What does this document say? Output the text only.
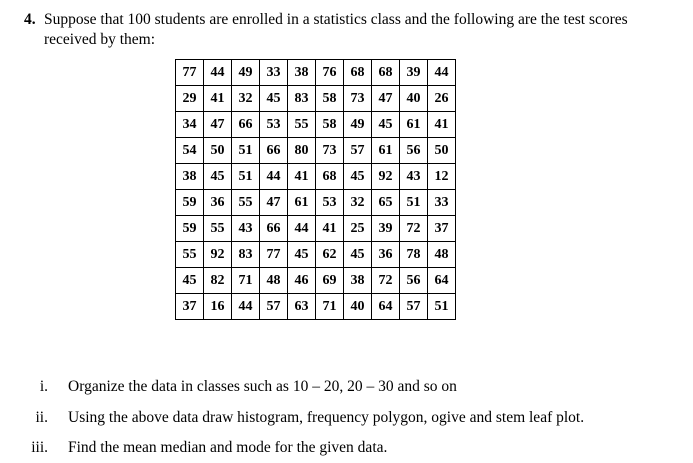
4. Suppose that 100 students are enrolled in a statistics class and the following are the test scores received by them:
77	44	49	33	38	76	68	68	39	44
29	41	32	45	83	58	73	47	40	26
34	47	66	53	55	58	49	45	61	41
54	50	51	66	80	73	57	61	56	50
38	45	51	44	41	68	45	92	43	12
59	36	55	47	61	53	32	65	51	33
59	55	43	66	44	41	25	39	72	37
55	92	83	77	45	62	45	36	78	48
45	82	71	48	46	69	38	72	56	64
37	16	44	57	63	71	40	64	57	51
i. Organize the data in classes such as 10 – 20, 20 – 30 and so on
ii. Using the above data draw histogram, frequency polygon, ogive and stem leaf plot.
iii. Find the mean median and mode for the given data.
